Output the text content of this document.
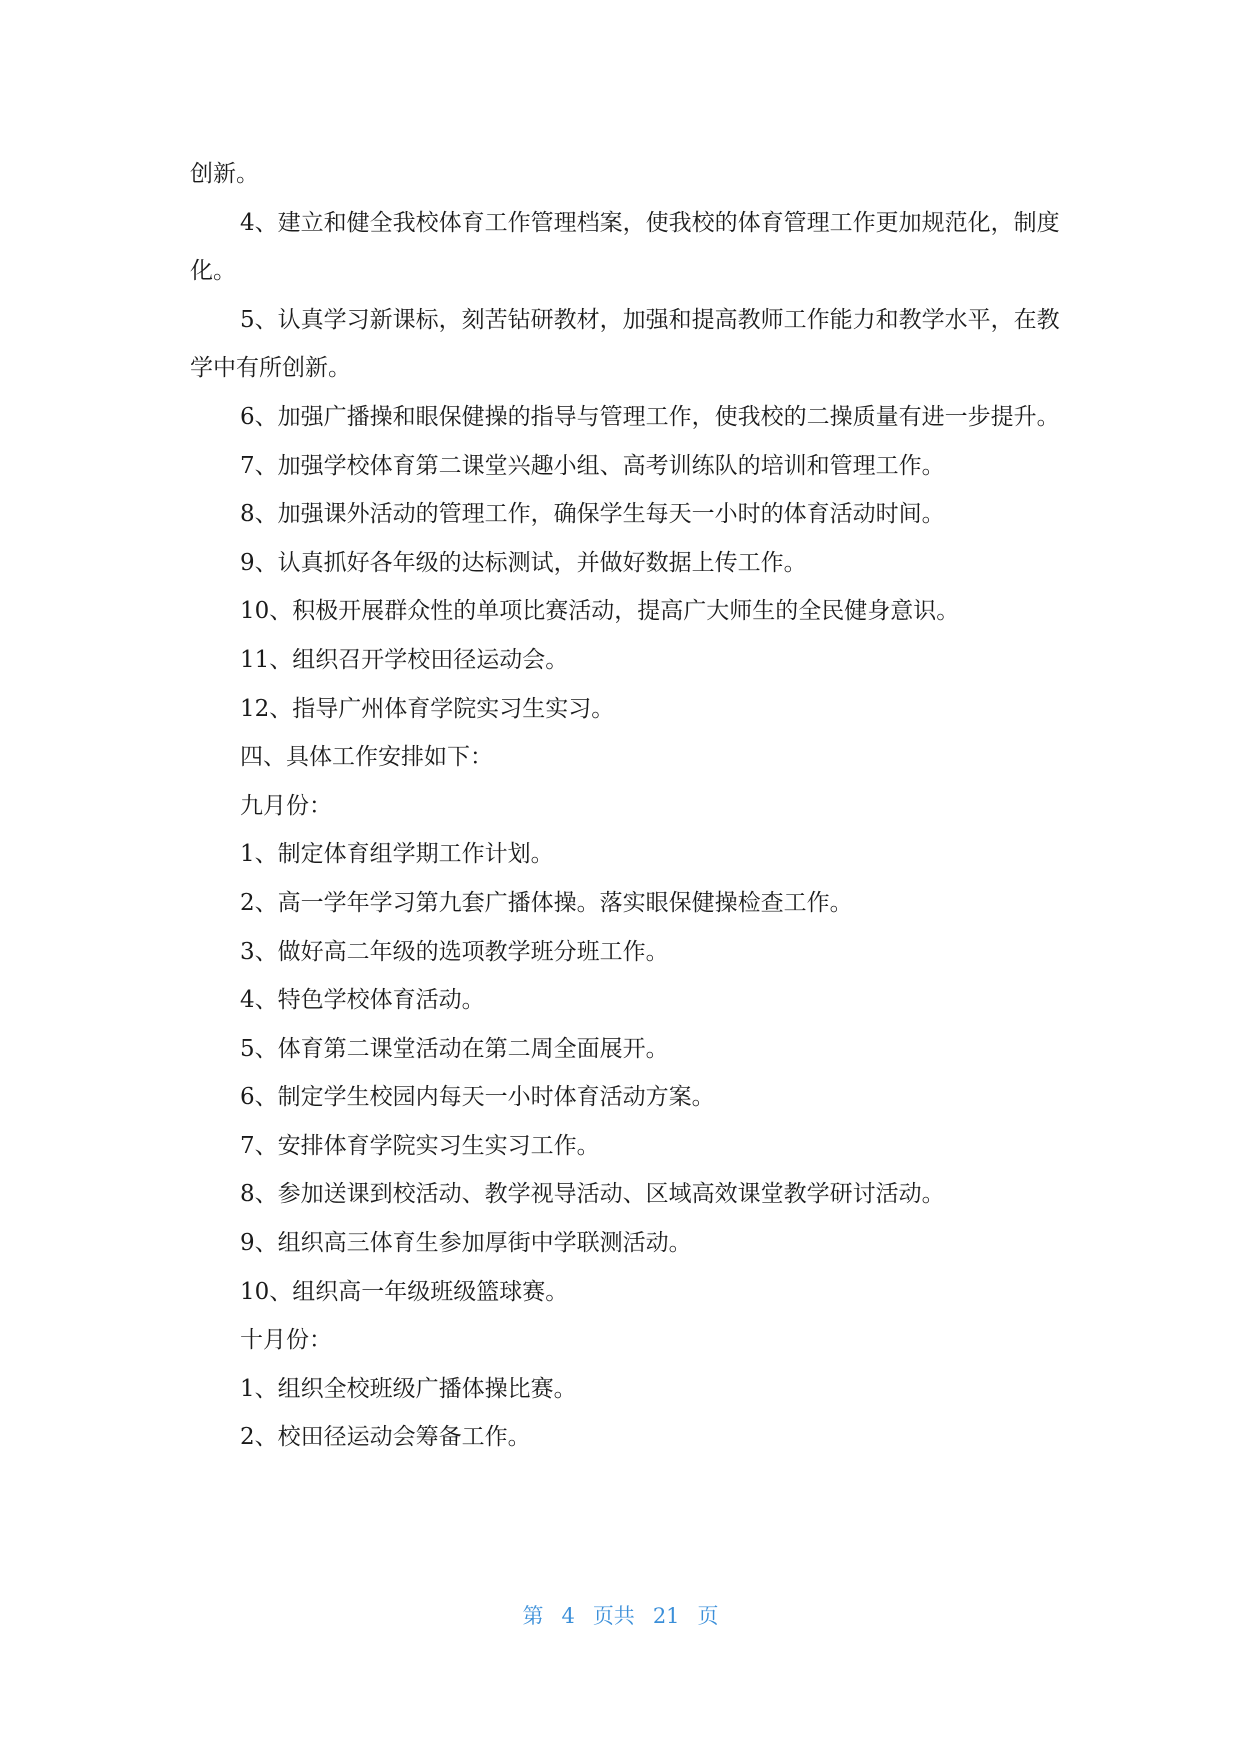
创新。

4、建立和健全我校体育工作管理档案，使我校的体育管理工作更加规范化，制度化。

5、认真学习新课标，刻苦钻研教材，加强和提高教师工作能力和教学水平，在教学中有所创新。

6、加强广播操和眼保健操的指导与管理工作，使我校的二操质量有进一步提升。

7、加强学校体育第二课堂兴趣小组、高考训练队的培训和管理工作。

8、加强课外活动的管理工作，确保学生每天一小时的体育活动时间。

9、认真抓好各年级的达标测试，并做好数据上传工作。

10、积极开展群众性的单项比赛活动，提高广大师生的全民健身意识。

11、组织召开学校田径运动会。

12、指导广州体育学院实习生实习。

四、具体工作安排如下：

九月份：

1、制定体育组学期工作计划。

2、高一学年学习第九套广播体操。落实眼保健操检查工作。

3、做好高二年级的选项教学班分班工作。

4、特色学校体育活动。

5、体育第二课堂活动在第二周全面展开。

6、制定学生校园内每天一小时体育活动方案。

7、安排体育学院实习生实习工作。

8、参加送课到校活动、教学视导活动、区域高效课堂教学研讨活动。

9、组织高三体育生参加厚街中学联测活动。

10、组织高一年级班级篮球赛。

十月份：

1、组织全校班级广播体操比赛。

2、校田径运动会筹备工作。

第 4 页共 21 页
